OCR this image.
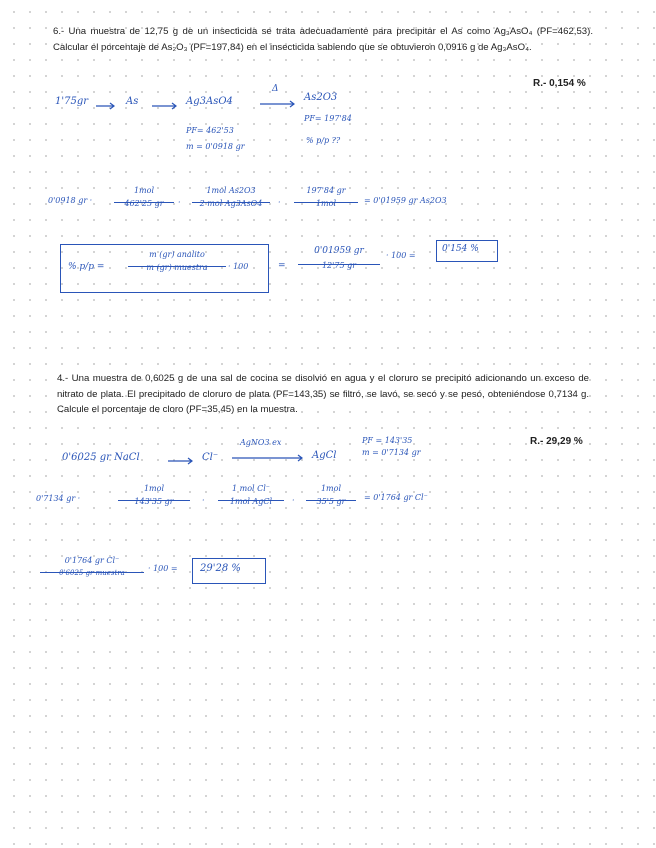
6.- Una muestra de 12,75 g de un insecticida se trata adecuadamente para precipitar el As como Ag₃AsO₄ (PF=462,53). Calcular el porcentaje de As₂O₃ (PF=197,84) en el insecticida sabiendo que se obtuvieron 0,0916 g de Ag₃AsO₄.
R.- 0,154 %
1'75gr	As	Ag3AsO4
Δ
As2O3
PF= 462'53
m = 0'0918 gr
PF= 197'84
% p/p ??
0'0918 gr ·
1mol
462'25 gr	·
1mol As2O3
2 mol Ag3AsO4	·
197'84 gr
1mol	= 0'01959 gr As2O3
% p/p =
m (gr) analito
m (gr) muestra	· 100	=
0'01959 gr
12'75 gr
· 100 =
0'154 %
4.- Una muestra de 0,6025 g de una sal de cocina se disolvió en agua y el cloruro se precipitó adicionando un exceso de nitrato de plata. El precipitado de cloruro de plata (PF=143,35) se filtró, se lavó, se secó y se pesó, obteniéndose 0,7134 g. Calcule el porcentaje de cloro (PF=35,45) en la muestra.
R.- 29,29 %
0'6025 gr NaCl	Cl⁻
AgNO3 ex
AgCl
PF = 143'35
m = 0'7134 gr
0'7134 gr ·
1mol
143'35 gr	·
1 mol Cl⁻
1mol AgCl	·
1mol
35'5 gr	= 0'1764 gr Cl⁻
0'1764 gr Cl⁻
0'6025 gr muestra	· 100 = 29'28 %
